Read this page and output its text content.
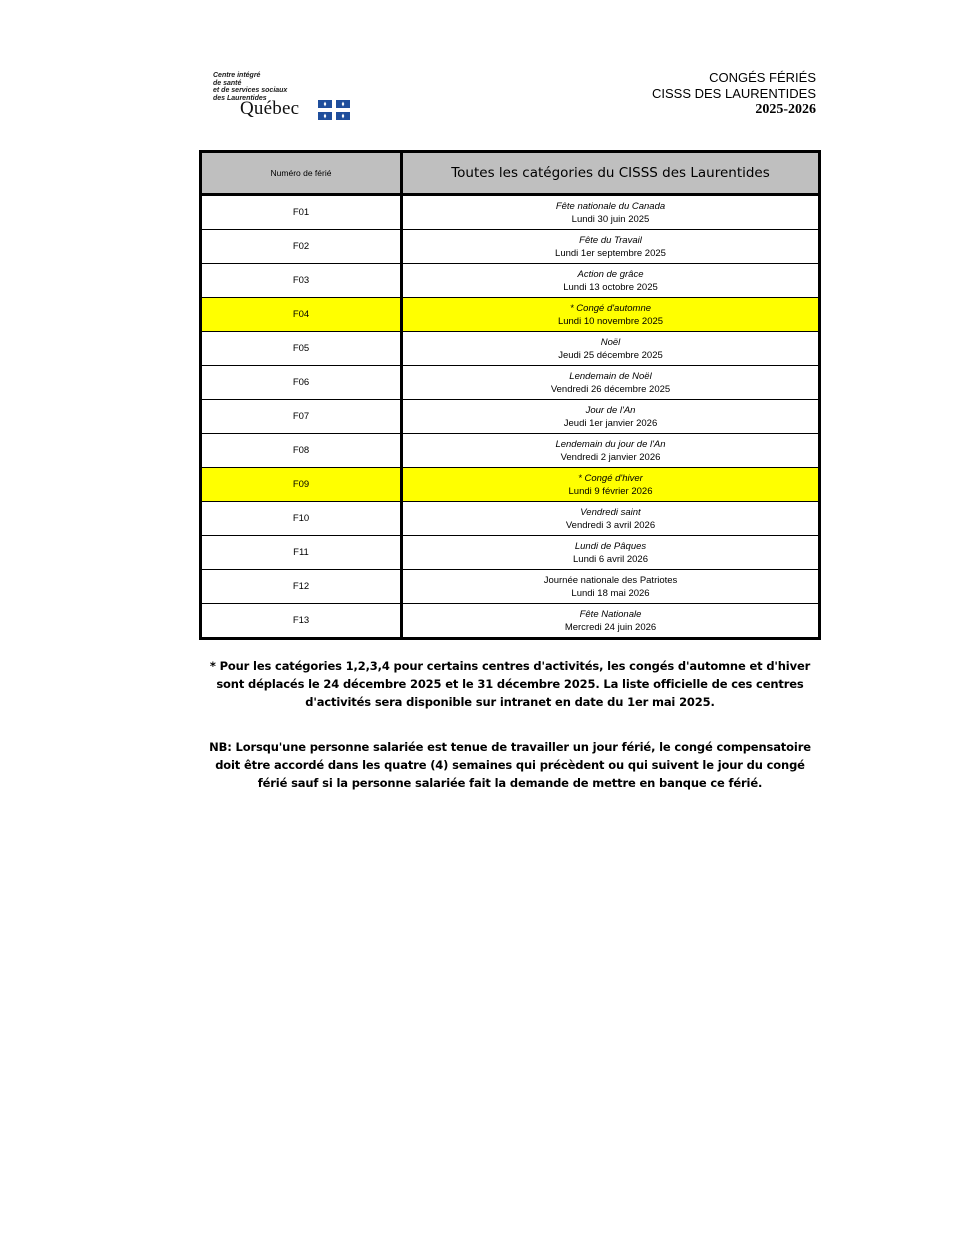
Centre intégré
de santé
et de services sociaux
des Laurentides
Québec
CONGÉS FÉRIÉS
CISSS DES LAURENTIDES
2025-2026
Numéro de férié	Toutes les catégories du CISSS des Laurentides
F01	Fête nationale du Canada
Lundi 30 juin 2025

F02	Fête du Travail
Lundi 1er septembre 2025

F03	Action de grâce
Lundi 13 octobre 2025

F04	* Congé d'automne
Lundi 10 novembre 2025

F05	Noël
Jeudi 25 décembre 2025

F06	Lendemain de Noël
Vendredi 26 décembre 2025

F07	Jour de l'An
Jeudi 1er janvier 2026

F08	Lendemain du jour de l'An
Vendredi 2 janvier 2026

F09	* Congé d'hiver
Lundi 9 février 2026

F10	Vendredi saint
Vendredi 3 avril 2026

F11	Lundi de Pâques
Lundi 6 avril 2026

F12	Journée nationale des Patriotes
Lundi 18 mai 2026

F13	Fête Nationale
Mercredi 24 juin 2026
* Pour les catégories 1,2,3,4 pour certains centres d'activités, les congés d'automne et d'hiver sont déplacés le 24 décembre 2025 et le 31 décembre 2025. La liste officielle de ces centres d'activités sera disponible sur intranet en date du 1er mai 2025.
NB: Lorsqu'une personne salariée est tenue de travailler un jour férié, le congé compensatoire doit être accordé dans les quatre (4) semaines qui précèdent ou qui suivent le jour du congé férié sauf si la personne salariée fait la demande de mettre en banque ce férié.
